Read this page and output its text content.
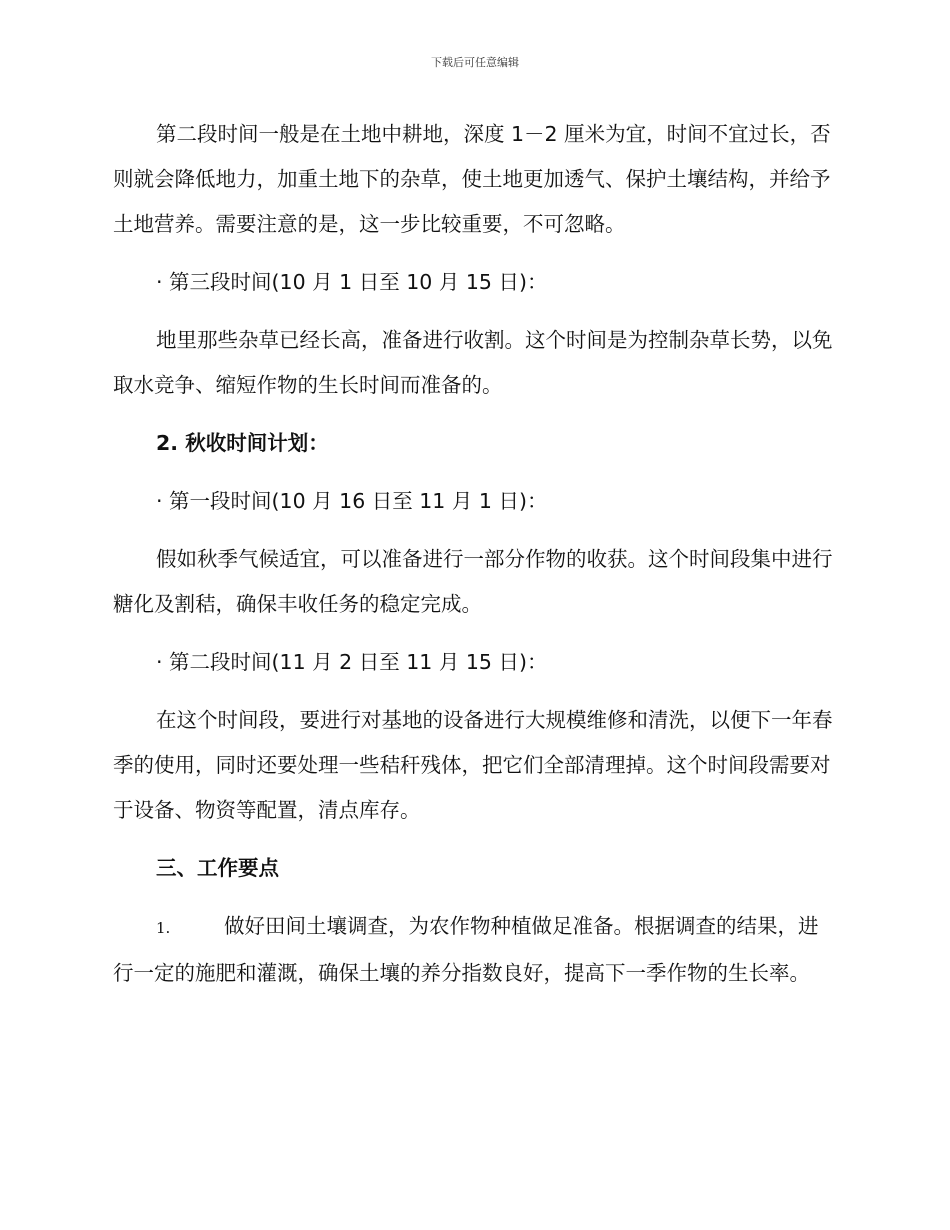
下载后可任意编辑

第二段时间一般是在土地中耕地，深度 1－2 厘米为宜，时间不宜过长，否则就会降低地力，加重土地下的杂草，使土地更加透气、保护土壤结构，并给予土地营养。需要注意的是，这一步比较重要，不可忽略。

· 第三段时间(10 月 1 日至 10 月 15 日)：

地里那些杂草已经长高，准备进行收割。这个时间是为控制杂草长势，以免取水竞争、缩短作物的生长时间而准备的。

2. 秋收时间计划：

· 第一段时间(10 月 16 日至 11 月 1 日)：

假如秋季气候适宜，可以准备进行一部分作物的收获。这个时间段集中进行糖化及割秸，确保丰收任务的稳定完成。

· 第二段时间(11 月 2 日至 11 月 15 日)：

在这个时间段，要进行对基地的设备进行大规模维修和清洗，以便下一年春季的使用，同时还要处理一些秸秆残体，把它们全部清理掉。这个时间段需要对于设备、物资等配置，清点库存。

三、工作要点

1.	做好田间土壤调查，为农作物种植做足准备。根据调查的结果，进行一定的施肥和灌溉，确保土壤的养分指数良好，提高下一季作物的生长率。
